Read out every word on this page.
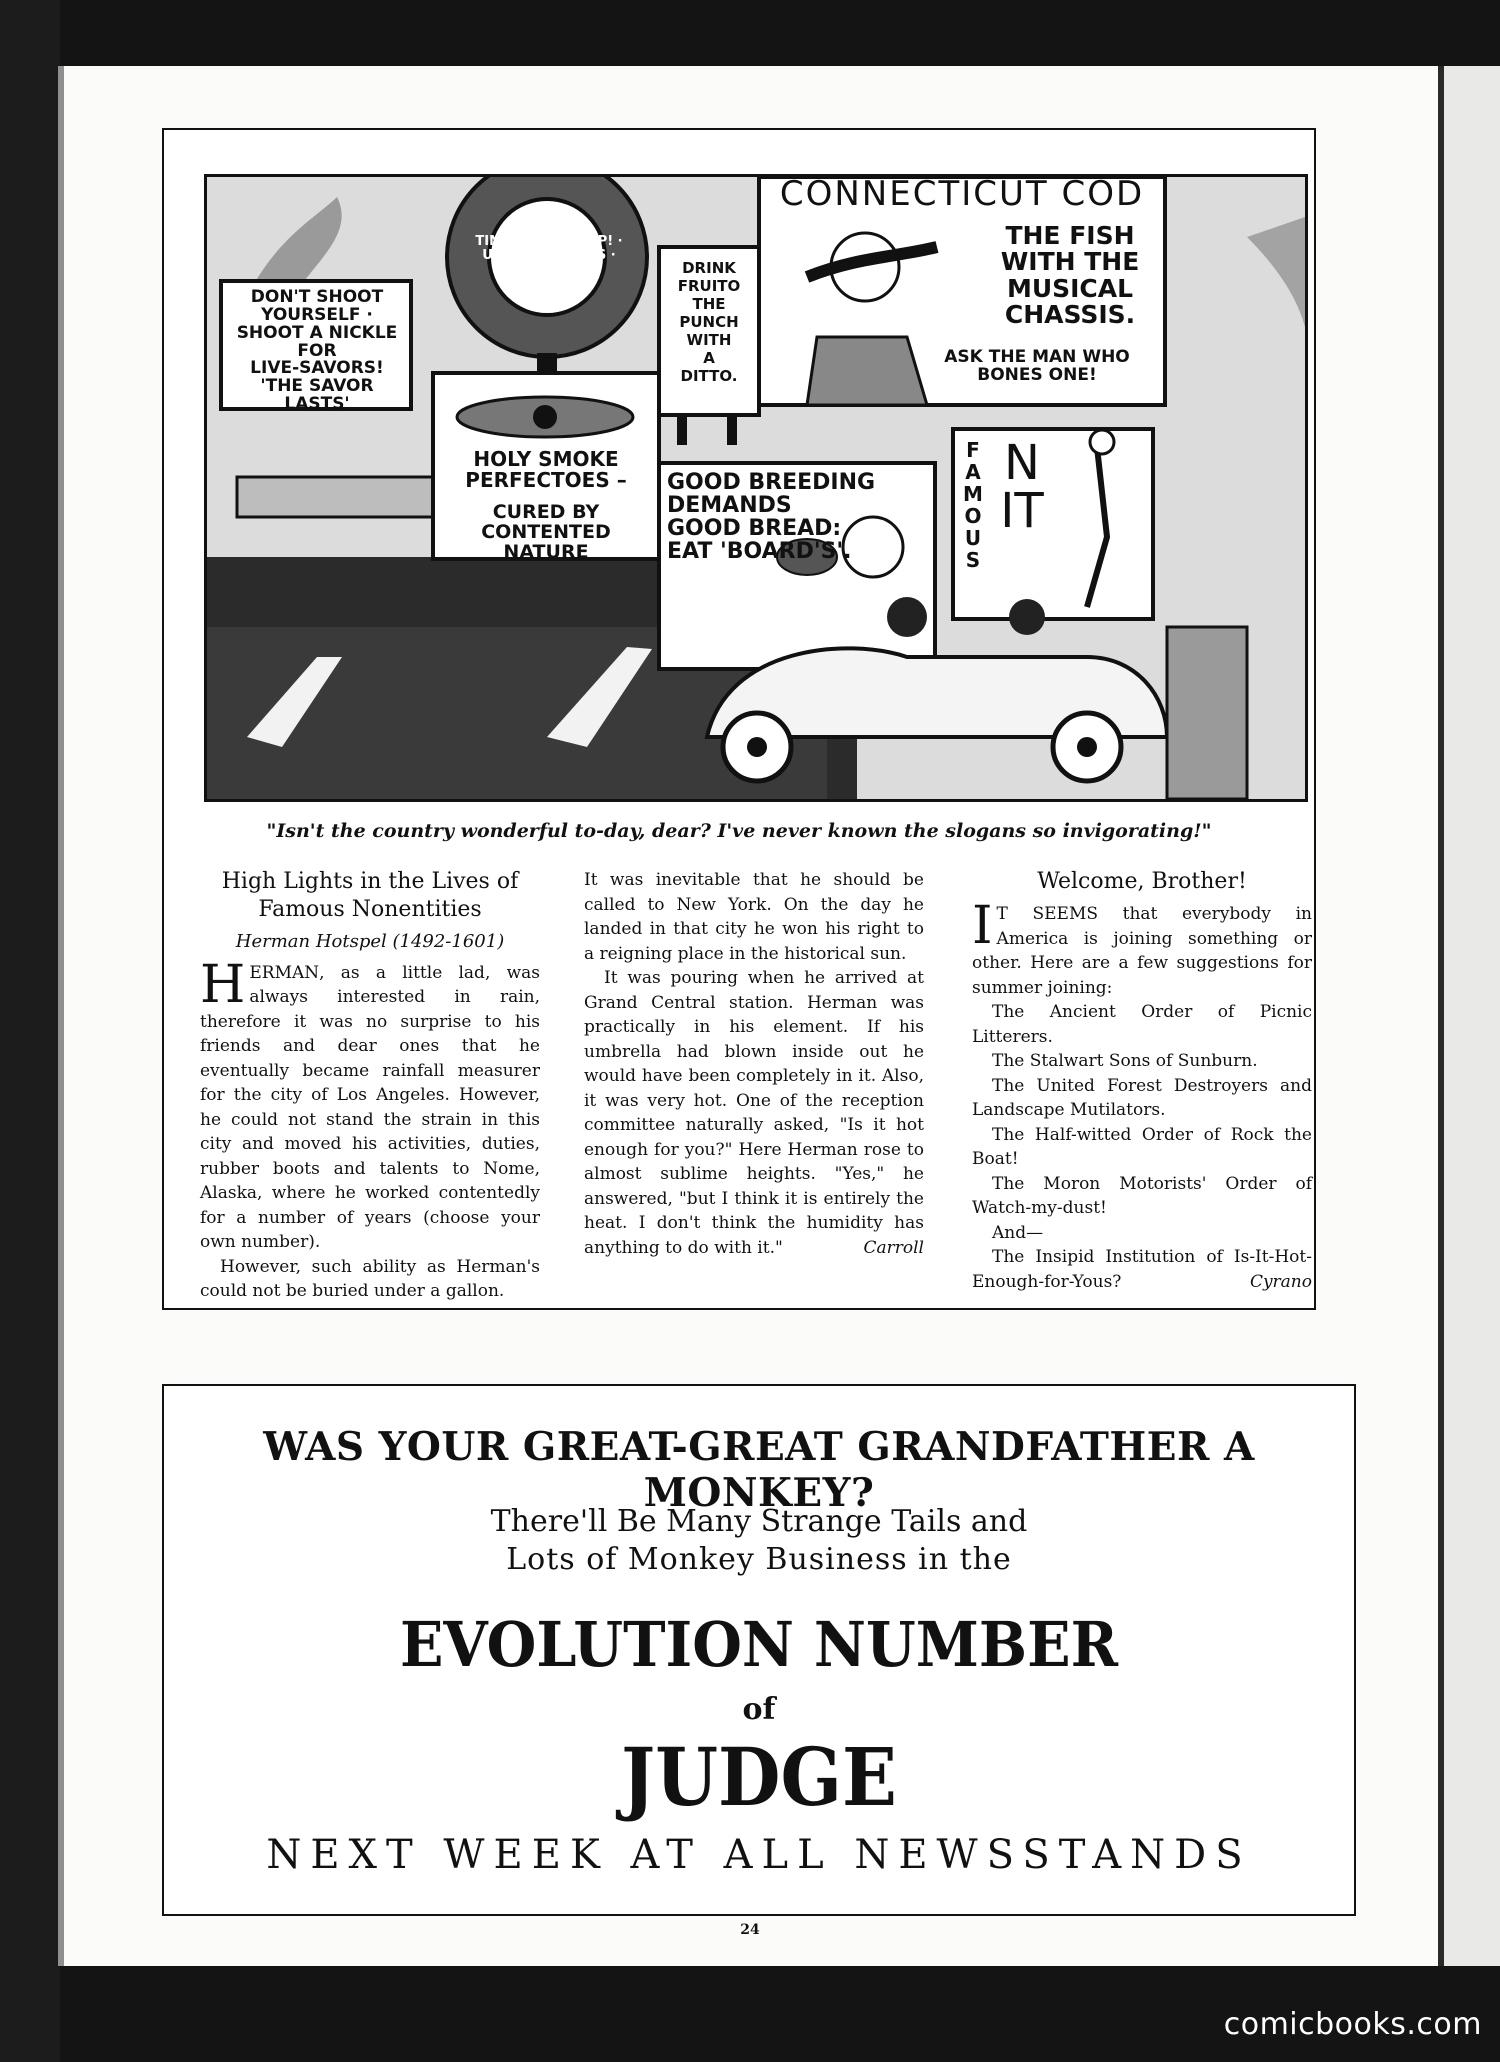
TIME TO WAKE UP! · USE BRISK TIRES ·
DON'T SHOOT
YOURSELF ·
SHOOT A NICKLE FOR
LIVE-SAVORS!
'THE SAVOR LASTS'
HOLY SMOKE
PERFECTOES –
CURED BY
CONTENTED NATURE
DRINK
FRUITO
THE
PUNCH
WITH
A
DITTO.
CONNECTICUT COD
THE FISH
WITH THE
MUSICAL
CHASSIS.
ASK THE MAN WHO
BONES ONE!
GOOD BREEDING DEMANDS
GOOD BREAD:
EAT 'BOARD'S'.
FAMOUS
NIT
"Isn't the country wonderful to-day, dear? I've never known the slogans so invigorating!"

High Lights in the Lives of Famous Nonentities

Herman Hotspel (1492-1601)

HERMAN, as a little lad, was always interested in rain, therefore it was no surprise to his friends and dear ones that he eventually became rainfall measurer for the city of Los Angeles. However, he could not stand the strain in this city and moved his activities, duties, rubber boots and talents to Nome, Alaska, where he worked contentedly for a number of years (choose your own number).

However, such ability as Herman's could not be buried under a gallon.

It was inevitable that he should be called to New York. On the day he landed in that city he won his right to a reigning place in the historical sun.

It was pouring when he arrived at Grand Central station. Herman was practically in his element. If his umbrella had blown inside out he would have been completely in it. Also, it was very hot. One of the reception committee naturally asked, "Is it hot enough for you?" Here Herman rose to almost sublime heights. "Yes," he answered, "but I think it is entirely the heat. I don't think the humidity has anything to do with it."	Carroll

Welcome, Brother!

I T SEEMS that everybody in America is joining something or other. Here are a few suggestions for summer joining:

The Ancient Order of Picnic Litterers.

The Stalwart Sons of Sunburn.

The United Forest Destroyers and Landscape Mutilators.

The Half-witted Order of Rock the Boat!

The Moron Motorists' Order of Watch-my-dust!

And—

The Insipid Institution of Is-It-Hot-Enough-for-Yous?	Cyrano

WAS YOUR GREAT-GREAT GRANDFATHER A MONKEY?
There'll Be Many Strange Tails and
Lots of Monkey Business in the
EVOLUTION NUMBER
of
JUDGE
NEXT WEEK AT ALL NEWSSTANDS
24
comicbooks.com
